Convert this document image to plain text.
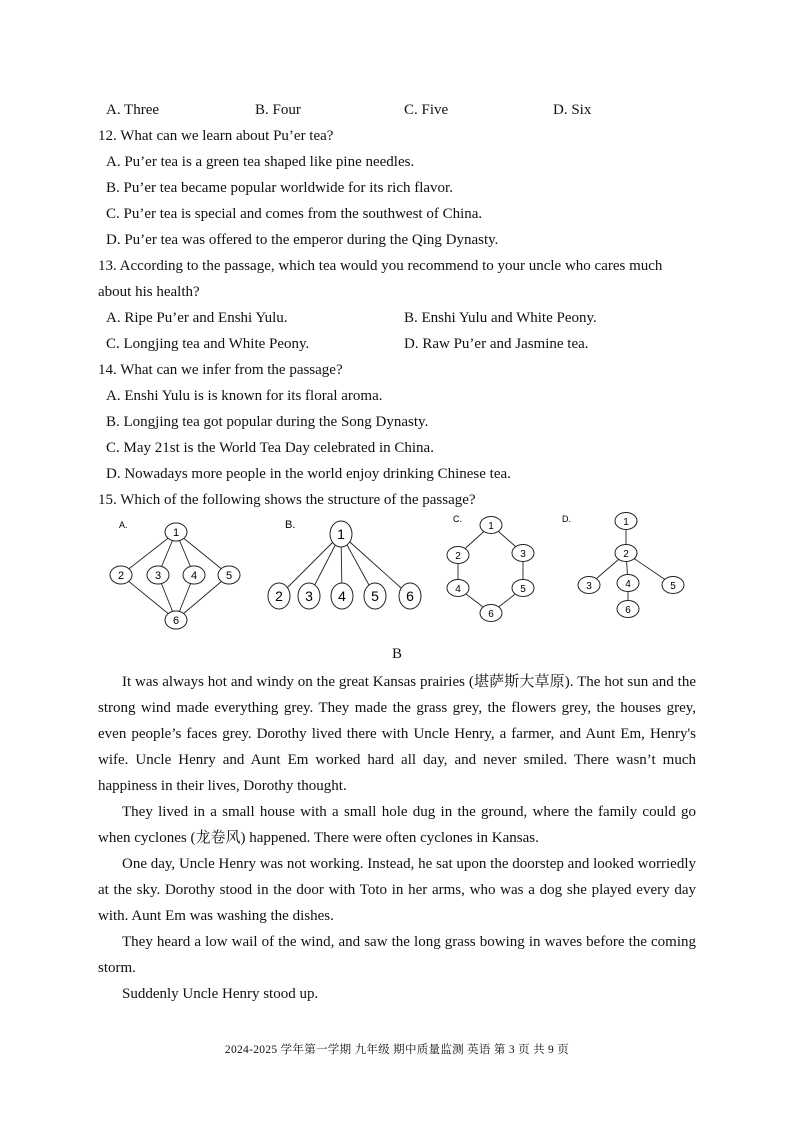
A. Three	B. Four	C. Five	D. Six
12. What can we learn about Pu’er tea?
A. Pu’er tea is a green tea shaped like pine needles.
B. Pu’er tea became popular worldwide for its rich flavor.
C. Pu’er tea is special and comes from the southwest of China.
D. Pu’er tea was offered to the emperor during the Qing Dynasty.
13. According to the passage, which tea would you recommend to your uncle who cares much
about his health?
A. Ripe Pu’er and Enshi Yulu.	B. Enshi Yulu and White Peony.
C. Longjing tea and White Peony.	D. Raw Pu’er and Jasmine tea.
14. What can we infer from the passage?
A. Enshi Yulu is is known for its floral aroma.
B. Longjing tea got popular during the Song Dynasty.
C. May 21st is the World Tea Day celebrated in China.
D. Nowadays more people in the world enjoy drinking Chinese tea.
15. Which of the following shows the structure of the passage?
A.
1
2	3	4	5
6
B.
1
2 3 4 5 6
C.
1
2	3
4	5
6
D.	1
2
3	4	5
6
B
It was always hot and windy on the great Kansas prairies (堪萨斯大草原). The hot sun and the strong wind made everything grey. They made the grass grey, the flowers grey, the houses grey, even people’s faces grey. Dorothy lived there with Uncle Henry, a farmer, and Aunt Em, Henry's wife. Uncle Henry and Aunt Em worked hard all day, and never smiled. There wasn’t much happiness in their lives, Dorothy thought.
They lived in a small house with a small hole dug in the ground, where the family could go when cyclones (龙卷风) happened. There were often cyclones in Kansas.
One day, Uncle Henry was not working. Instead, he sat upon the doorstep and looked worriedly at the sky. Dorothy stood in the door with Toto in her arms, who was a dog she played every day with. Aunt Em was washing the dishes.
They heard a low wail of the wind, and saw the long grass bowing in waves before the coming storm.
Suddenly Uncle Henry stood up.
2024-2025 学年第一学期 九年级 期中质量监测 英语 第 3 页 共 9 页
